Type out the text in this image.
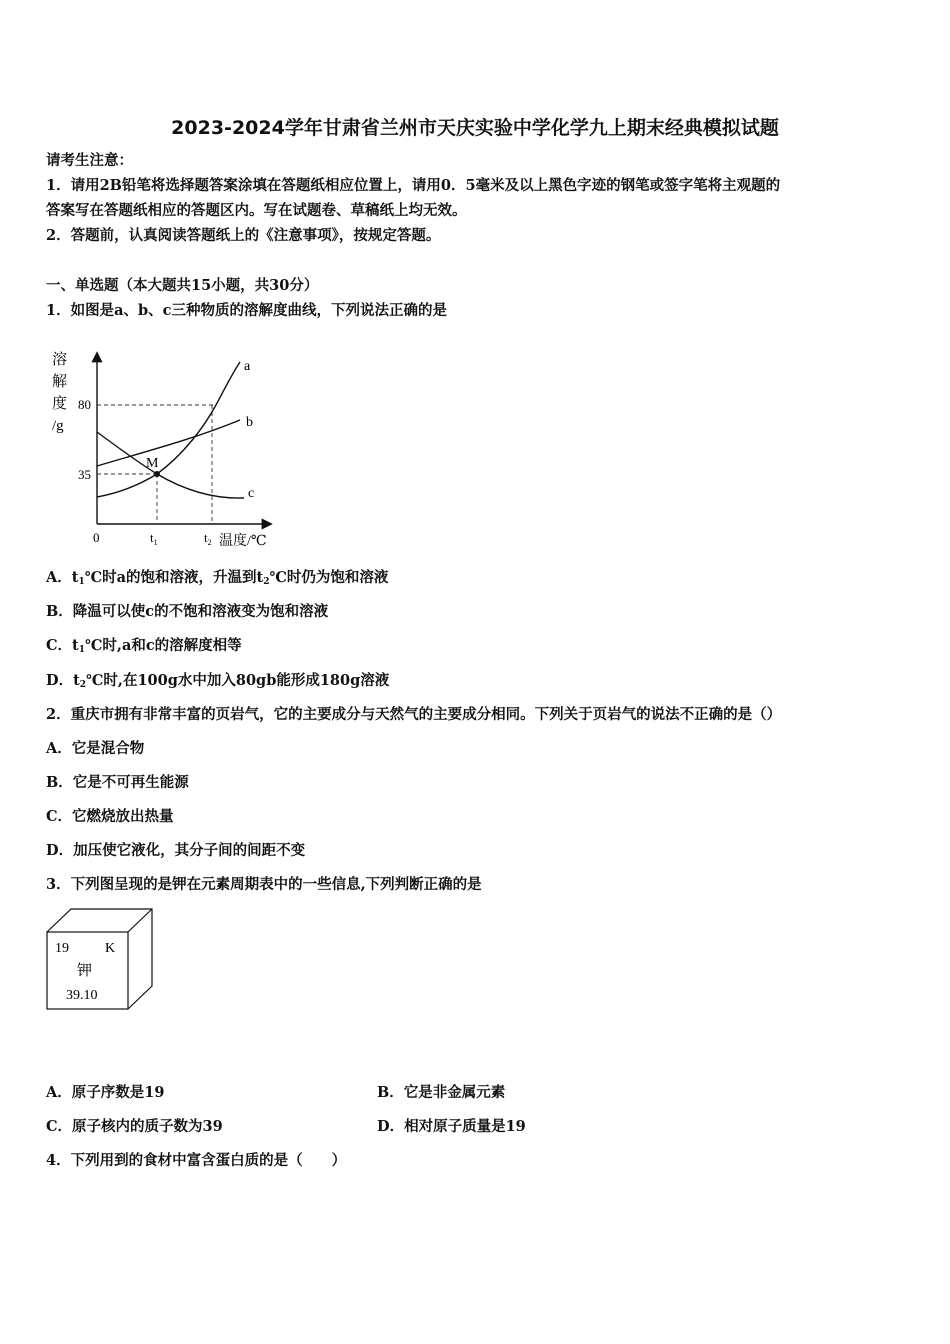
2023-2024学年甘肃省兰州市天庆实验中学化学九上期末经典模拟试题
请考生注意：
1．请用2B铅笔将选择题答案涂填在答题纸相应位置上，请用0．5毫米及以上黑色字迹的钢笔或签字笔将主观题的
答案写在答题纸相应的答题区内。写在试题卷、草稿纸上均无效。
2．答题前，认真阅读答题纸上的《注意事项》，按规定答题。
一、单选题（本大题共15小题，共30分）
1．如图是a、b、c三种物质的溶解度曲线，下列说法正确的是
溶
解
度
/g
80
35
0	$t_1$	$t_2$ 温度/℃
M
a
b
c
A．$t_1℃$时a的饱和溶液，升温到$t_2℃$时仍为饱和溶液
B．降温可以使c的不饱和溶液变为饱和溶液
C．$t_1℃$时,a和c的溶解度相等
D．$t_2℃$时,在100g水中加入80gb能形成180g溶液
2．重庆市拥有非常丰富的页岩气，它的主要成分与天然气的主要成分相同。下列关于页岩气的说法不正确的是（）
A．它是混合物
B．它是不可再生能源
C．它燃烧放出热量
D．加压使它液化，其分子间的间距不变
3．下列图呈现的是钾在元素周期表中的一些信息,下列判断正确的是
19	K
钾
39.10
A．原子序数是19	B．它是非金属元素
C．原子核内的质子数为39	D．相对原子质量是19
4．下列用到的食材中富含蛋白质的是（　　）
